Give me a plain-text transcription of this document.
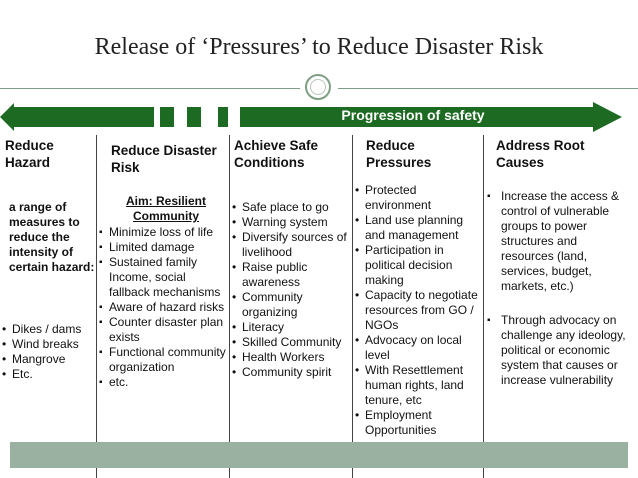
Release of ‘Pressures’ to Reduce Disaster Risk
Progression of safety
Reduce Hazard
a range of measures to reduce the intensity of certain hazard:
• Dikes / dams
• Wind breaks
• Mangrove
• Etc.
Reduce Disaster Risk
Aim: Resilient Community
▪ Minimize loss of life
▪ Limited damage
▪ Sustained family Income, social fallback mechanisms
▪ Aware of hazard risks
▪ Counter disaster plan exists
▪ Functional community organization
▪ etc.
Achieve Safe Conditions
• Safe place to go
• Warning system
• Diversify sources of livelihood
• Raise public awareness
• Community organizing
• Literacy
• Skilled Community
• Health Workers
• Community spirit
Reduce Pressures
• Protected environment
• Land use planning and management
• Participation in political decision making
• Capacity to negotiate resources from GO / NGOs
• Advocacy on local level
• With Resettlement human rights, land tenure, etc
• Employment Opportunities
Address Root Causes
▪ Increase the access & control of vulnerable groups to power structures and resources (land, services, budget, markets, etc.)
▪ Through advocacy on challenge any ideology, political or economic system that causes or increase vulnerability
